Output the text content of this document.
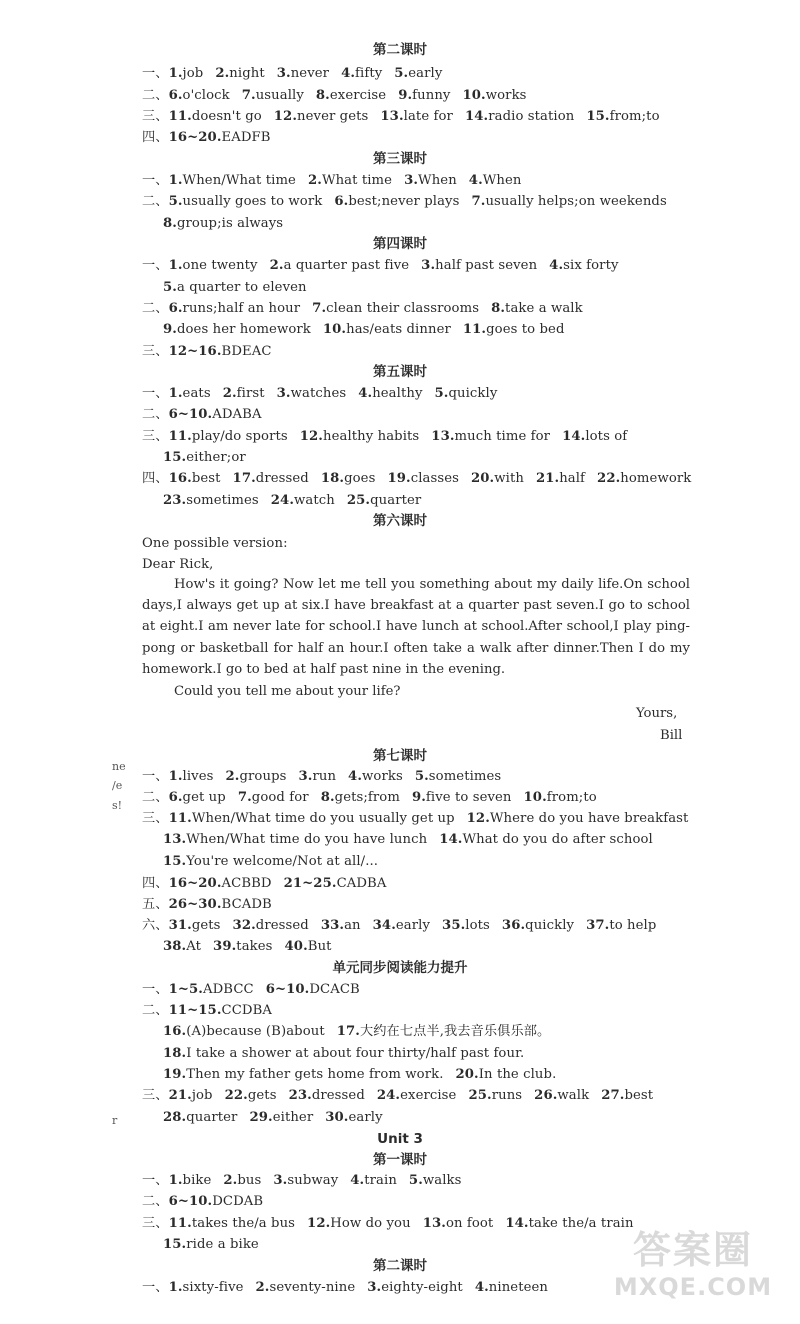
第二课时
一、1.job 2.night 3.never 4.fifty 5.early
二、6.o'clock 7.usually 8.exercise 9.funny 10.works
三、11.doesn't go 12.never gets 13.late for 14.radio station 15.from;to
四、16~20.EADFB
第三课时
一、1.When/What time 2.What time 3.When 4.When
二、5.usually goes to work 6.best;never plays 7.usually helps;on weekends
8.group;is always
第四课时
一、1.one twenty 2.a quarter past five 3.half past seven 4.six forty
5.a quarter to eleven
二、6.runs;half an hour 7.clean their classrooms 8.take a walk
9.does her homework 10.has/eats dinner 11.goes to bed
三、12~16.BDEAC
第五课时
一、1.eats 2.first 3.watches 4.healthy 5.quickly
二、6~10.ADABA
三、11.play/do sports 12.healthy habits 13.much time for 14.lots of
15.either;or
四、16.best 17.dressed 18.goes 19.classes 20.with 21.half 22.homework
23.sometimes 24.watch 25.quarter
第六课时
One possible version:
Dear Rick,
How's it going? Now let me tell you something about my daily life.On school days,I always get up at six.I have breakfast at a quarter past seven.I go to school at eight.I am never late for school.I have lunch at school.After school,I play ping-pong or basketball for half an hour.I often take a walk after dinner.Then I do my homework.I go to bed at half past nine in the evening.
Could you tell me about your life?
Yours,
Bill
第七课时
一、1.lives 2.groups 3.run 4.works 5.sometimes
二、6.get up 7.good for 8.gets;from 9.five to seven 10.from;to
三、11.When/What time do you usually get up 12.Where do you have breakfast
13.When/What time do you have lunch 14.What do you do after school
15.You're welcome/Not at all/...
四、16~20.ACBBD 21~25.CADBA
五、26~30.BCADB
六、31.gets 32.dressed 33.an 34.early 35.lots 36.quickly 37.to help
38.At 39.takes 40.But
单元同步阅读能力提升
一、1~5.ADBCC 6~10.DCACB
二、11~15.CCDBA
16.(A)because (B)about 17.大约在七点半,我去音乐俱乐部。
18.I take a shower at about four thirty/half past four.
19.Then my father gets home from work. 20.In the club.
三、21.job 22.gets 23.dressed 24.exercise 25.runs 26.walk 27.best
28.quarter 29.either 30.early
Unit 3
第一课时
一、1.bike 2.bus 3.subway 4.train 5.walks
二、6~10.DCDAB
三、11.takes the/a bus 12.How do you 13.on foot 14.take the/a train
15.ride a bike
第二课时
一、1.sixty-five 2.seventy-nine 3.eighty-eight 4.nineteen
ne
/e
s!
r
答案圈
MXQE.COM
